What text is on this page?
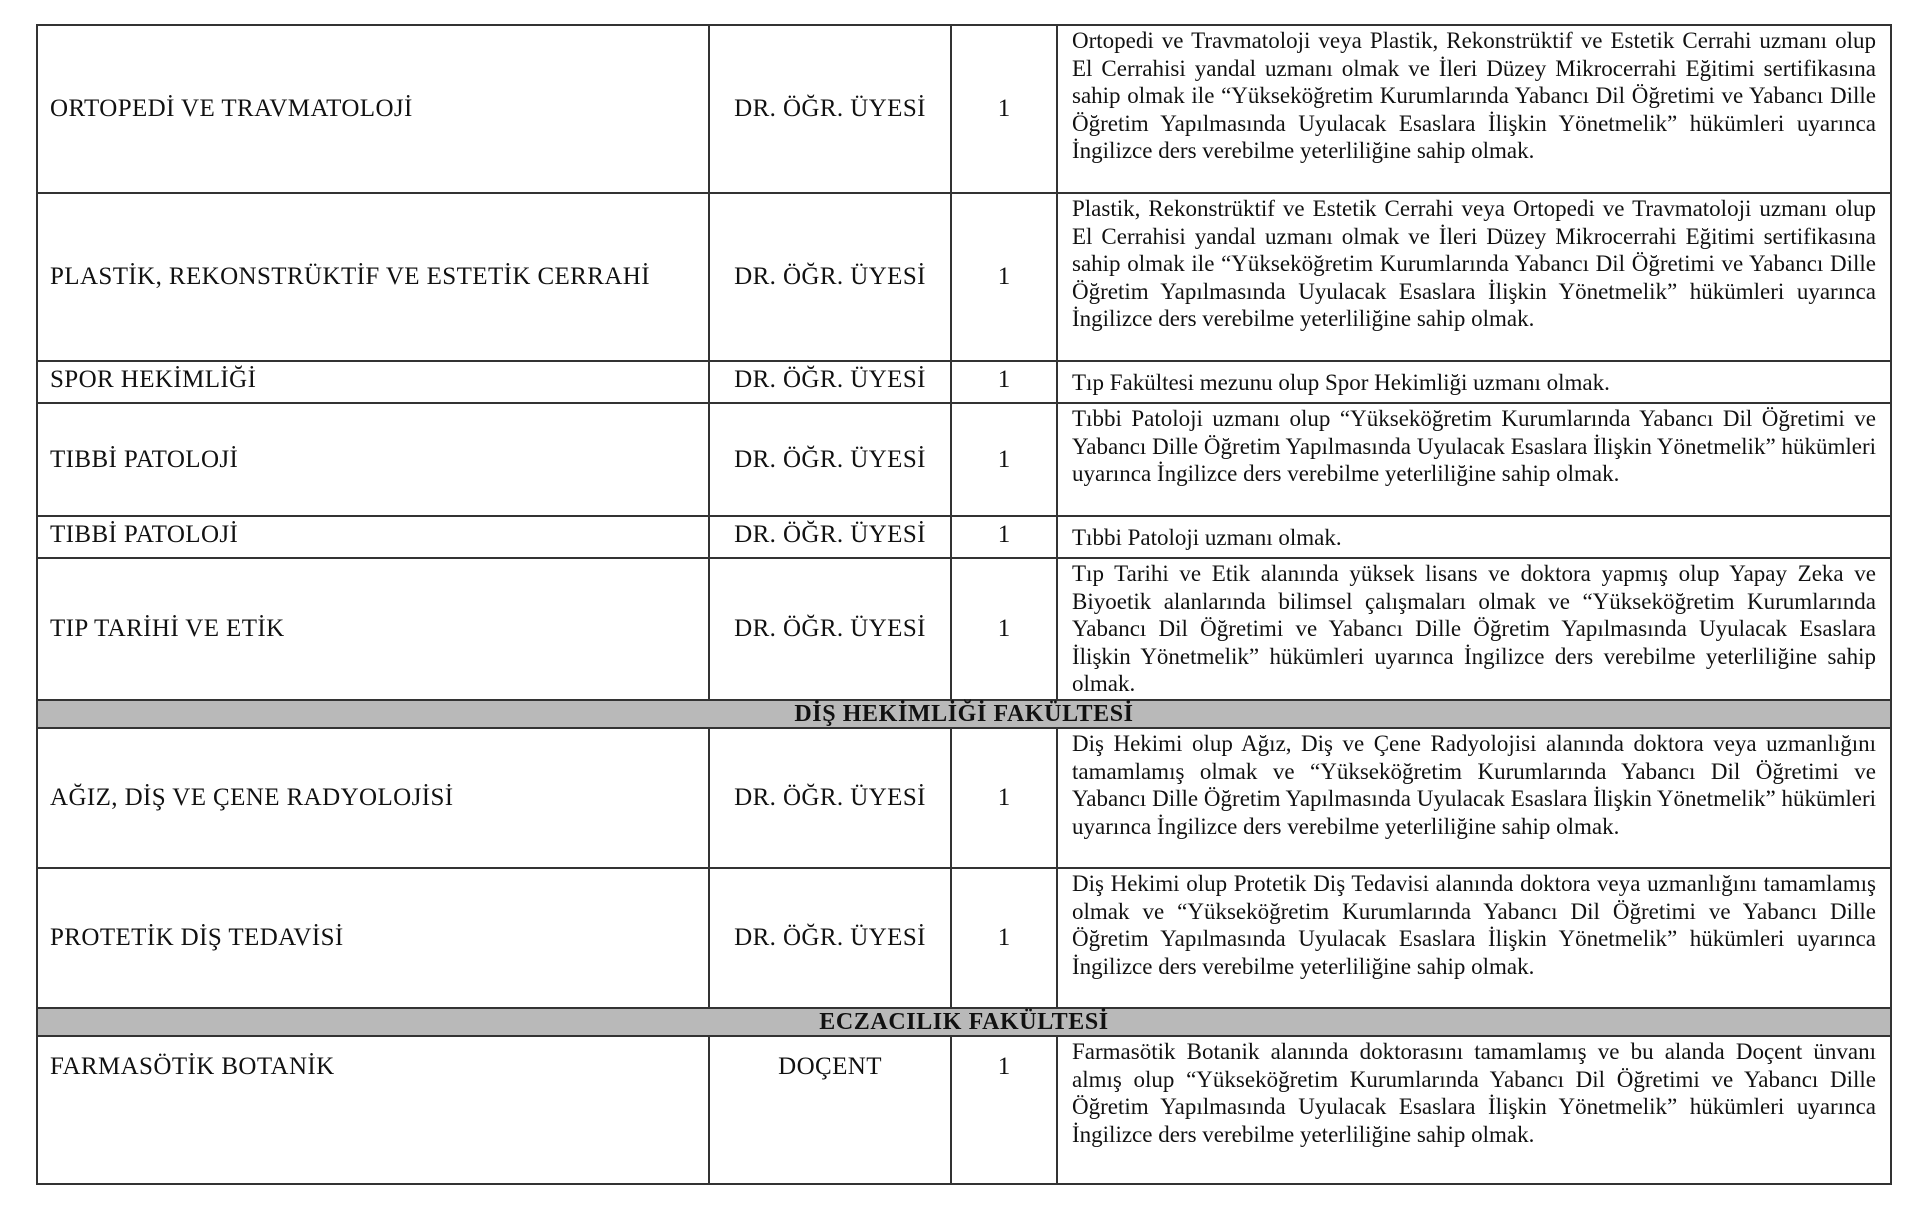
ORTOPEDİ VE TRAVMATOLOJİ	DR. ÖĞR. ÜYESİ	1	Ortopedi ve Travmatoloji veya Plastik, Rekonstrüktif ve Estetik Cerrahi uzmanı olup El Cerrahisi yandal uzmanı olmak ve İleri Düzey Mikrocerrahi Eğitimi sertifikasına sahip olmak ile “Yükseköğretim Kurumlarında Yabancı Dil Öğretimi ve Yabancı Dille Öğretim Yapılmasında Uyulacak Esaslara İlişkin Yönetmelik” hükümleri uyarınca İngilizce ders verebilme yeterliliğine sahip olmak.

PLASTİK, REKONSTRÜKTİF VE ESTETİK CERRAHİ	DR. ÖĞR. ÜYESİ	1	Plastik, Rekonstrüktif ve Estetik Cerrahi veya Ortopedi ve Travmatoloji uzmanı olup El Cerrahisi yandal uzmanı olmak ve İleri Düzey Mikrocerrahi Eğitimi sertifikasına sahip olmak ile “Yükseköğretim Kurumlarında Yabancı Dil Öğretimi ve Yabancı Dille Öğretim Yapılmasında Uyulacak Esaslara İlişkin Yönetmelik” hükümleri uyarınca İngilizce ders verebilme yeterliliğine sahip olmak.

SPOR HEKİMLİĞİ	DR. ÖĞR. ÜYESİ	1	Tıp Fakültesi mezunu olup Spor Hekimliği uzmanı olmak.

TIBBİ PATOLOJİ	DR. ÖĞR. ÜYESİ	1	Tıbbi Patoloji uzmanı olup “Yükseköğretim Kurumlarında Yabancı Dil Öğretimi ve Yabancı Dille Öğretim Yapılmasında Uyulacak Esaslara İlişkin Yönetmelik” hükümleri uyarınca İngilizce ders verebilme yeterliliğine sahip olmak.

TIBBİ PATOLOJİ	DR. ÖĞR. ÜYESİ	1	Tıbbi Patoloji uzmanı olmak.

TIP TARİHİ VE ETİK	DR. ÖĞR. ÜYESİ	1	Tıp Tarihi ve Etik alanında yüksek lisans ve doktora yapmış olup Yapay Zeka ve Biyoetik alanlarında bilimsel çalışmaları olmak ve “Yükseköğretim Kurumlarında Yabancı Dil Öğretimi ve Yabancı Dille Öğretim Yapılmasında Uyulacak Esaslara İlişkin Yönetmelik” hükümleri uyarınca İngilizce ders verebilme yeterliliğine sahip olmak.

DİŞ HEKİMLİĞİ FAKÜLTESİ			
AĞIZ, DİŞ VE ÇENE RADYOLOJİSİ	DR. ÖĞR. ÜYESİ	1	Diş Hekimi olup Ağız, Diş ve Çene Radyolojisi alanında doktora veya uzmanlığını tamamlamış olmak ve “Yükseköğretim Kurumlarında Yabancı Dil Öğretimi ve Yabancı Dille Öğretim Yapılmasında Uyulacak Esaslara İlişkin Yönetmelik” hükümleri uyarınca İngilizce ders verebilme yeterliliğine sahip olmak.

PROTETİK DİŞ TEDAVİSİ	DR. ÖĞR. ÜYESİ	1	Diş Hekimi olup Protetik Diş Tedavisi alanında doktora veya uzmanlığını tamamlamış olmak ve “Yükseköğretim Kurumlarında Yabancı Dil Öğretimi ve Yabancı Dille Öğretim Yapılmasında Uyulacak Esaslara İlişkin Yönetmelik” hükümleri uyarınca İngilizce ders verebilme yeterliliğine sahip olmak.

ECZACILIK FAKÜLTESİ			
FARMASÖTİK BOTANİK	DOÇENT	1	Farmasötik Botanik alanında doktorasını tamamlamış ve bu alanda Doçent ünvanı almış olup “Yükseköğretim Kurumlarında Yabancı Dil Öğretimi ve Yabancı Dille Öğretim Yapılmasında Uyulacak Esaslara İlişkin Yönetmelik” hükümleri uyarınca İngilizce ders verebilme yeterliliğine sahip olmak.
